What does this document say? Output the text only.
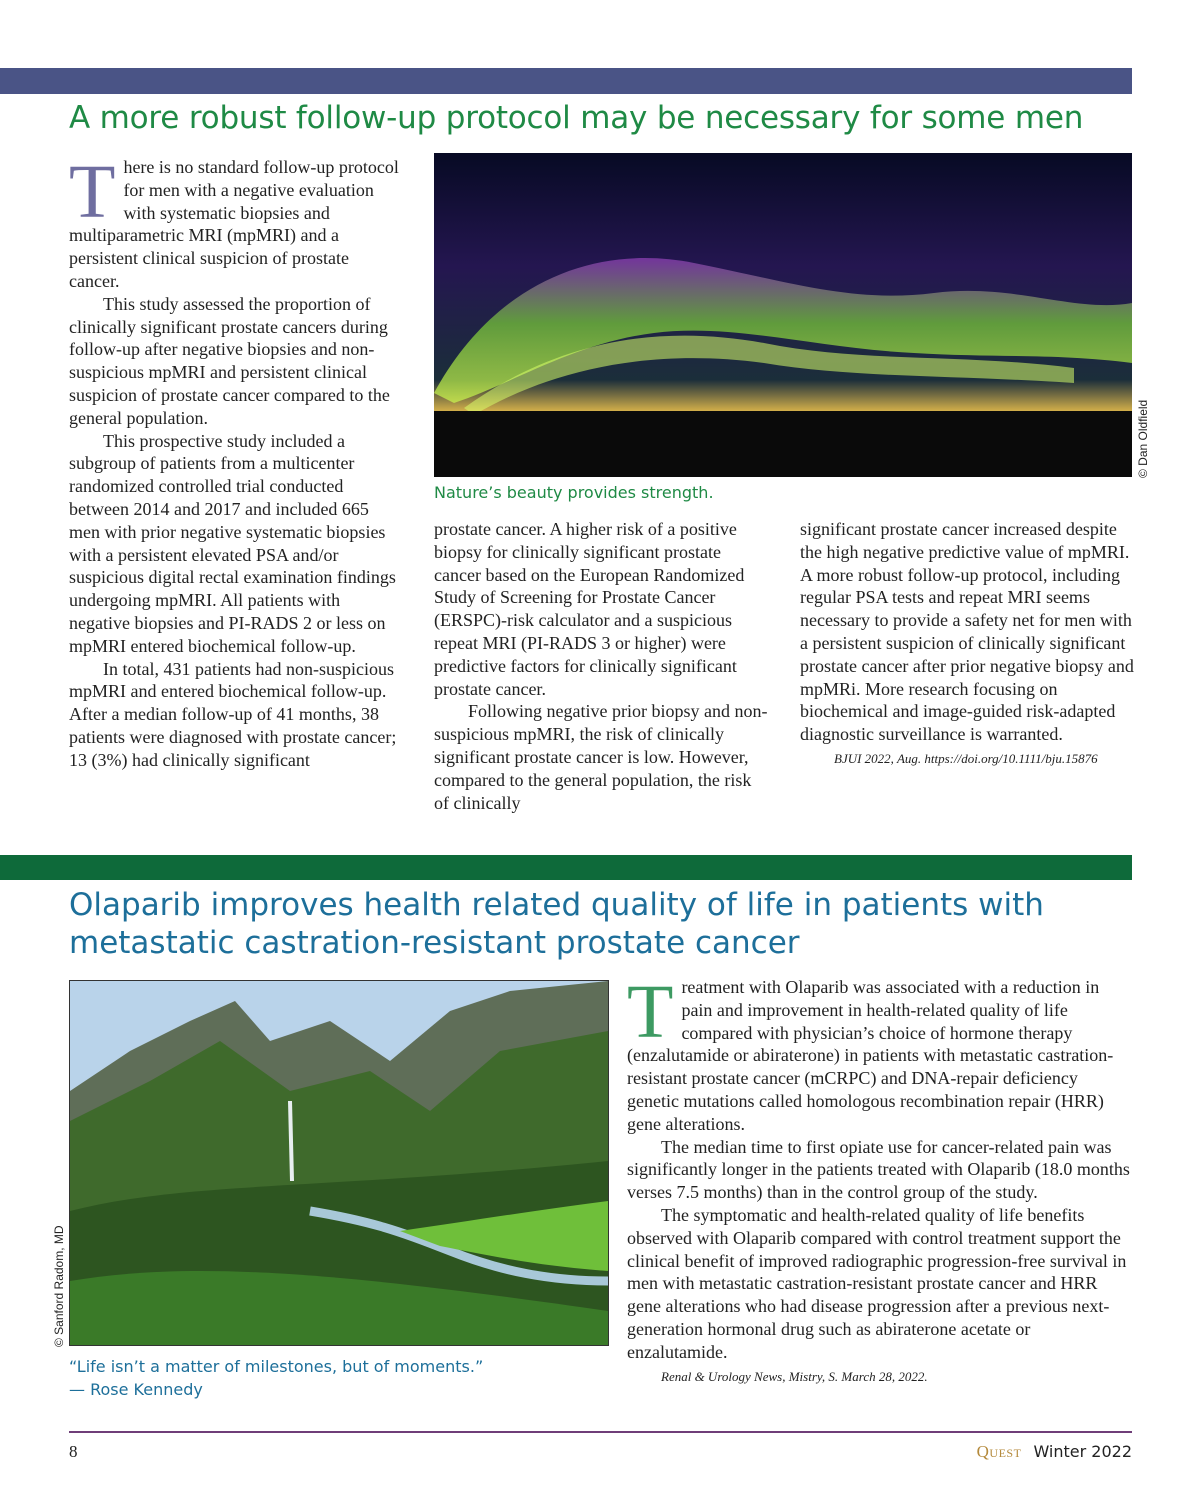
A more robust follow-up protocol may be necessary for some men

There is no standard follow-up protocol for men with a negative evaluation with systematic biopsies and multiparametric MRI (mpMRI) and a persistent clinical suspicion of prostate cancer.

This study assessed the proportion of clinically significant prostate cancers during follow-up after negative biopsies and non-suspicious mpMRI and persistent clinical suspicion of prostate cancer compared to the general population.

This prospective study included a subgroup of patients from a multicenter randomized controlled trial conducted between 2014 and 2017 and included 665 men with prior negative systematic biopsies with a persistent elevated PSA and/or suspicious digital rectal examination findings undergoing mpMRI. All patients with negative biopsies and PI-RADS 2 or less on mpMRI entered biochemical follow-up.

In total, 431 patients had non-suspicious mpMRI and entered biochemical follow-up. After a median follow-up of 41 months, 38 patients were diagnosed with prostate cancer; 13 (3%) had clinically significant

© Dan Oldfield

Nature’s beauty provides strength.

prostate cancer. A higher risk of a positive biopsy for clinically significant prostate cancer based on the European Randomized Study of Screening for Prostate Cancer (ERSPC)-risk calculator and a suspicious repeat MRI (PI-RADS 3 or higher) were predictive factors for clinically significant prostate cancer.

Following negative prior biopsy and non-suspicious mpMRI, the risk of clinically significant prostate cancer is low. However, compared to the general population, the risk of clinically

significant prostate cancer increased despite the high negative predictive value of mpMRI. A more robust follow-up protocol, including regular PSA tests and repeat MRI seems necessary to provide a safety net for men with a persistent suspicion of clinically significant prostate cancer after prior negative biopsy and mpMRi. More research focusing on biochemical and image-guided risk-adapted diagnostic surveillance is warranted.

BJUI 2022, Aug. https://doi.org/10.1111/bju.15876

Olaparib improves health related quality of life in patients with metastatic castration-resistant prostate cancer
© Sanford Radom, MD
“Life isn’t a matter of milestones, but of moments.”
— Rose Kennedy

Treatment with Olaparib was associated with a reduction in pain and improvement in health-related quality of life compared with physician’s choice of hormone therapy (enzalutamide or abiraterone) in patients with metastatic castration-resistant prostate cancer (mCRPC) and DNA-repair deficiency genetic mutations called homologous recombination repair (HRR) gene alterations.

The median time to first opiate use for cancer-related pain was significantly longer in the patients treated with Olaparib (18.0 months verses 7.5 months) than in the control group of the study.

The symptomatic and health-related quality of life benefits observed with Olaparib compared with control treatment support the clinical benefit of improved radiographic progression-free survival in men with metastatic castration-resistant prostate cancer and HRR gene alterations who had disease progression after a previous next-generation hormonal drug such as abiraterone acetate or enzalutamide.

Renal & Urology News, Mistry, S. March 28, 2022.

8	Quest Winter 2022
